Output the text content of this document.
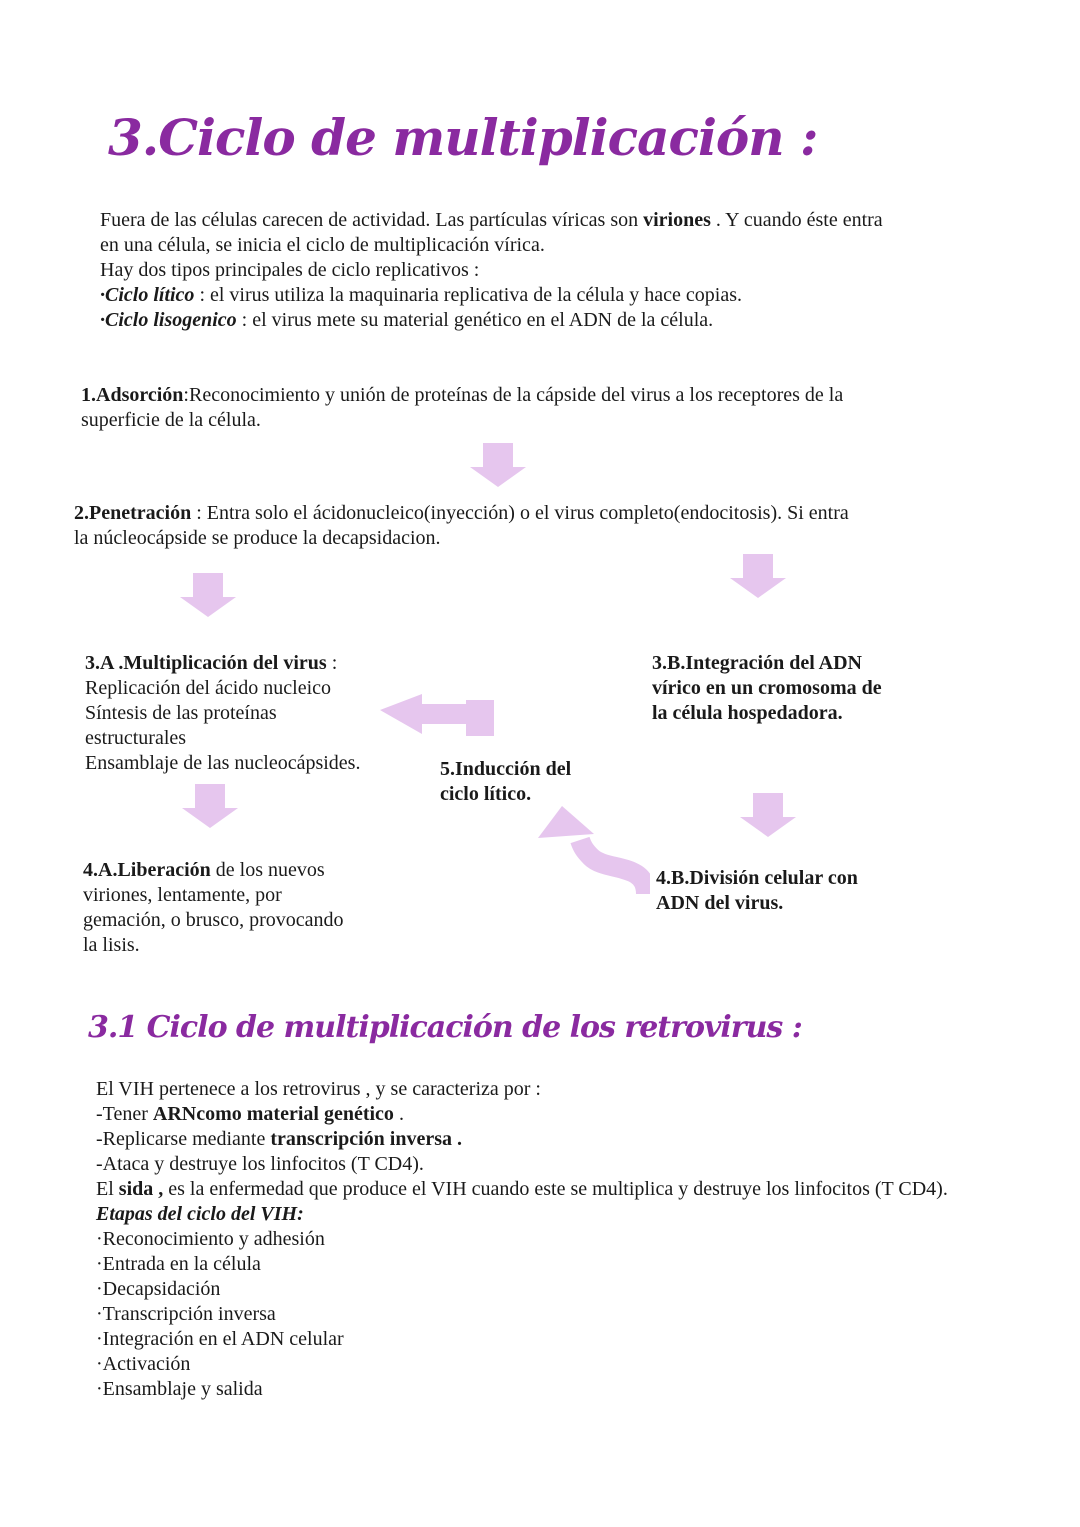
3.Ciclo de multiplicación :
Fuera de las células carecen de actividad. Las partículas víricas son viriones . Y cuando éste entra
en una célula, se inicia el ciclo de multiplicación vírica.
Hay dos tipos principales de ciclo replicativos :
·Ciclo lítico : el virus utiliza la maquinaria replicativa de la célula y hace copias.
·Ciclo lisogenico : el virus mete su material genético en el ADN de la célula.
1.Adsorción:Reconocimiento y unión de proteínas de la cápside del virus a los receptores de la
superficie de la célula.
2.Penetración : Entra solo el ácidonucleico(inyección) o el virus completo(endocitosis). Si entra
la núcleocápside se produce la decapsidacion.
3.A .Multiplicación del virus :
Replicación del ácido nucleico
Síntesis de las proteínas
estructurales
Ensamblaje de las nucleocápsides.
3.B.Integración del ADN
vírico en un cromosoma de
la célula hospedadora.
5.Inducción del
ciclo lítico.
4.A.Liberación de los nuevos
viriones, lentamente, por
gemación, o brusco, provocando
la lisis.
4.B.División celular con
ADN del virus.
3.1 Ciclo de multiplicación de los retrovirus :
El VIH pertenece a los retrovirus , y se caracteriza por :
-Tener ARNcomo material genético .
-Replicarse mediante transcripción inversa .
-Ataca y destruye los linfocitos (T CD4).
El sida , es la enfermedad que produce el VIH cuando este se multiplica y destruye los linfocitos (T CD4).
Etapas del ciclo del VIH:
·Reconocimiento y adhesión
·Entrada en la célula
·Decapsidación
·Transcripción inversa
·Integración en el ADN celular
·Activación
·Ensamblaje y salida
